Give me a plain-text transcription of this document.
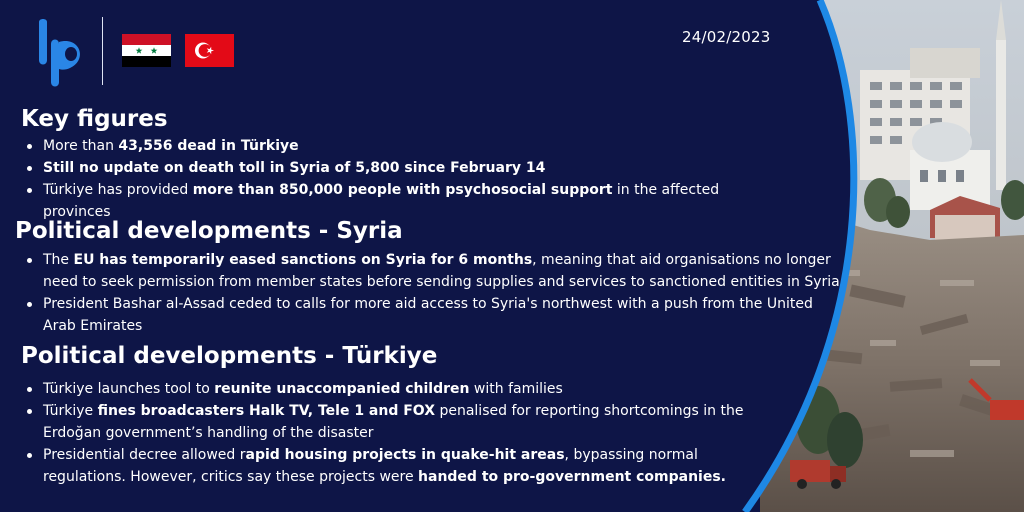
24/02/2023
Key figures
More than 43,556 dead in Türkiye
Still no update on death toll in Syria of 5,800 since February 14
Türkiye has provided more than 850,000 people with psychosocial support in the affected provinces
Political developments - Syria
The EU has temporarily eased sanctions on Syria for 6 months, meaning that aid organisations no longer need to seek permission from member states before sending supplies and services to sanctioned entities in Syria
President Bashar al-Assad ceded to calls for more aid access to Syria's northwest with a push from the United Arab Emirates
Political developments - Türkiye
Türkiye launches tool to reunite unaccompanied children with families
Türkiye fines broadcasters Halk TV, Tele 1 and FOX penalised for reporting shortcomings in the Erdoğan government’s handling of the disaster
Presidential decree allowed rapid housing projects in quake-hit areas, bypassing normal regulations. However, critics say these projects were handed to pro-government companies.
